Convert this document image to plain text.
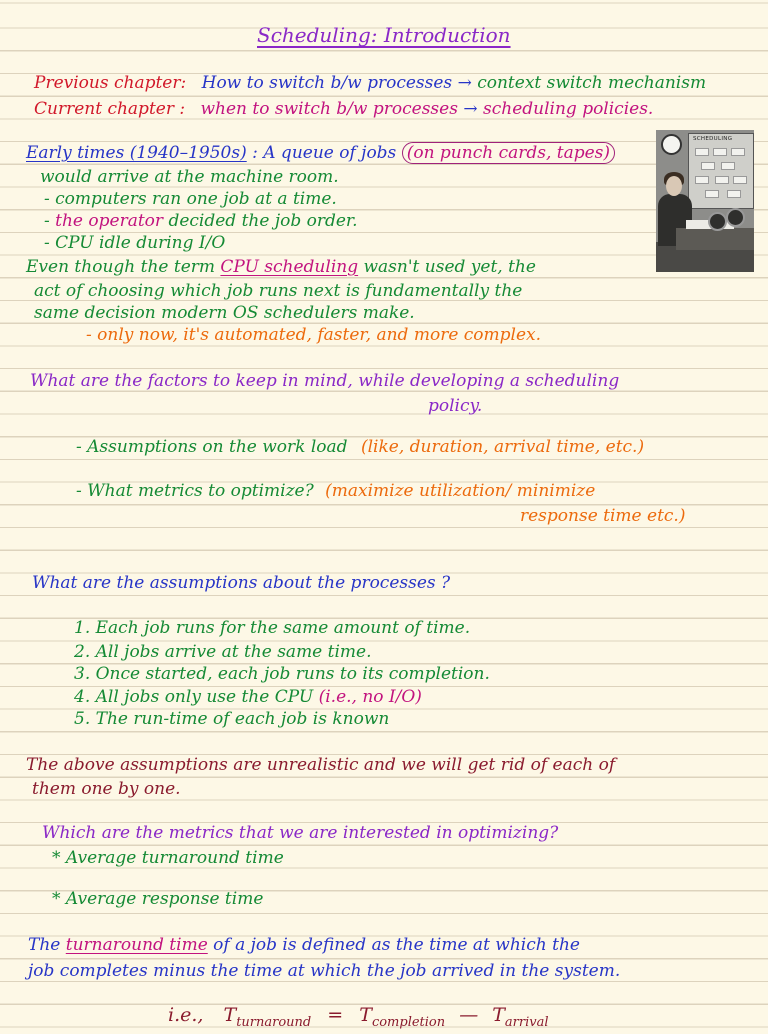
Scheduling: Introduction
Previous chapter: How to switch b/w processes → context switch mechanism
Current chapter : when to switch b/w processes → scheduling policies.
Early times (1940–1950s) : A queue of jobs (on punch cards, tapes)
would arrive at the machine room.
- computers ran one job at a time.
- the operator decided the job order.
- CPU idle during I/O
Even though the term CPU scheduling wasn't used yet, the
act of choosing which job runs next is fundamentally the
same decision modern OS schedulers make.
- only now, it's automated, faster, and more complex.
SCHEDULING
What are the factors to keep in mind, while developing a scheduling
policy.
- Assumptions on the work load (like, duration, arrival time, etc.)
- What metrics to optimize? (maximize utilization/ minimize
response time etc.)
What are the assumptions about the processes ?
1. Each job runs for the same amount of time.
2. All jobs arrive at the same time.
3. Once started, each job runs to its completion.
4. All jobs only use the CPU (i.e., no I/O)
5. The run-time of each job is known
The above assumptions are unrealistic and we will get rid of each of
them one by one.
Which are the metrics that we are interested in optimizing?
* Average turnaround time
* Average response time
The turnaround time of a job is defined as the time at which the
job completes minus the time at which the job arrived in the system.
i.e., $T_{turnaround} = T_{completion}$ — $T_{arrival}$
